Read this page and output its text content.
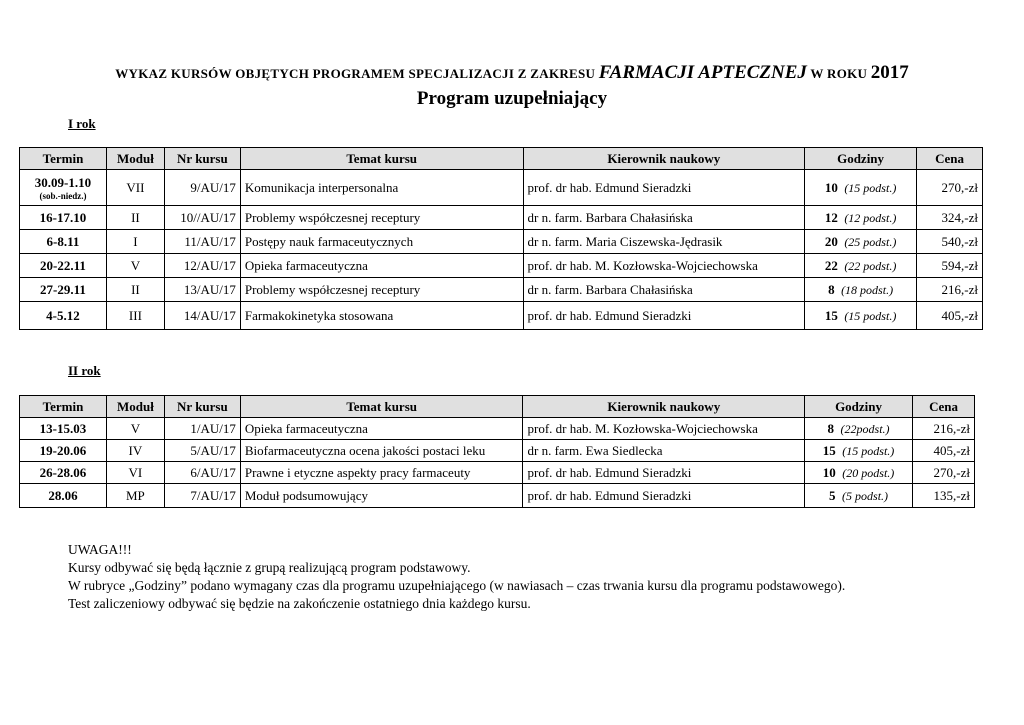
WYKAZ KURSÓW OBJĘTYCH PROGRAMEM SPECJALIZACJI Z ZAKRESU FARMACJI APTECZNEJ W ROKU 2017
Program uzupełniający
I rok
Termin	Moduł	Nr kursu	Temat kursu	Kierownik naukowy	Godziny	Cena
30.09-1.10
(sob.-niedz.)	VII	9/AU/17	Komunikacja interpersonalna	prof. dr hab. Edmund Sieradzki	10 (15 podst.)	270,-zł
16-17.10	II	10//AU/17	Problemy współczesnej receptury	dr n. farm. Barbara Chałasińska	12 (12 podst.)	324,-zł
6-8.11	I	11/AU/17	Postępy nauk farmaceutycznych	dr n. farm. Maria Ciszewska-Jędrasik	20 (25 podst.)	540,-zł
20-22.11	V	12/AU/17	Opieka farmaceutyczna	prof. dr hab. M. Kozłowska-Wojciechowska	22 (22 podst.)	594,-zł
27-29.11	II	13/AU/17	Problemy współczesnej receptury	dr n. farm. Barbara Chałasińska	8 (18 podst.)	216,-zł
4-5.12	III	14/AU/17	Farmakokinetyka stosowana	prof. dr hab. Edmund Sieradzki	15 (15 podst.)	405,-zł
II rok
Termin	Moduł	Nr kursu	Temat kursu	Kierownik naukowy	Godziny	Cena
13-15.03	V	1/AU/17	Opieka farmaceutyczna	prof. dr hab. M. Kozłowska-Wojciechowska	8 (22podst.)	216,-zł
19-20.06	IV	5/AU/17	Biofarmaceutyczna ocena jakości postaci leku	dr n. farm. Ewa Siedlecka	15 (15 podst.)	405,-zł
26-28.06	VI	6/AU/17	Prawne i etyczne aspekty pracy farmaceuty	prof. dr hab. Edmund Sieradzki	10 (20 podst.)	270,-zł
28.06	MP	7/AU/17	Moduł podsumowujący	prof. dr hab. Edmund Sieradzki	5 (5 podst.)	135,-zł
UWAGA!!!
Kursy odbywać się będą łącznie z grupą realizującą program podstawowy.
W rubryce „Godziny” podano wymagany czas dla programu uzupełniającego (w nawiasach – czas trwania kursu dla programu podstawowego).
Test zaliczeniowy odbywać się będzie na zakończenie ostatniego dnia każdego kursu.
